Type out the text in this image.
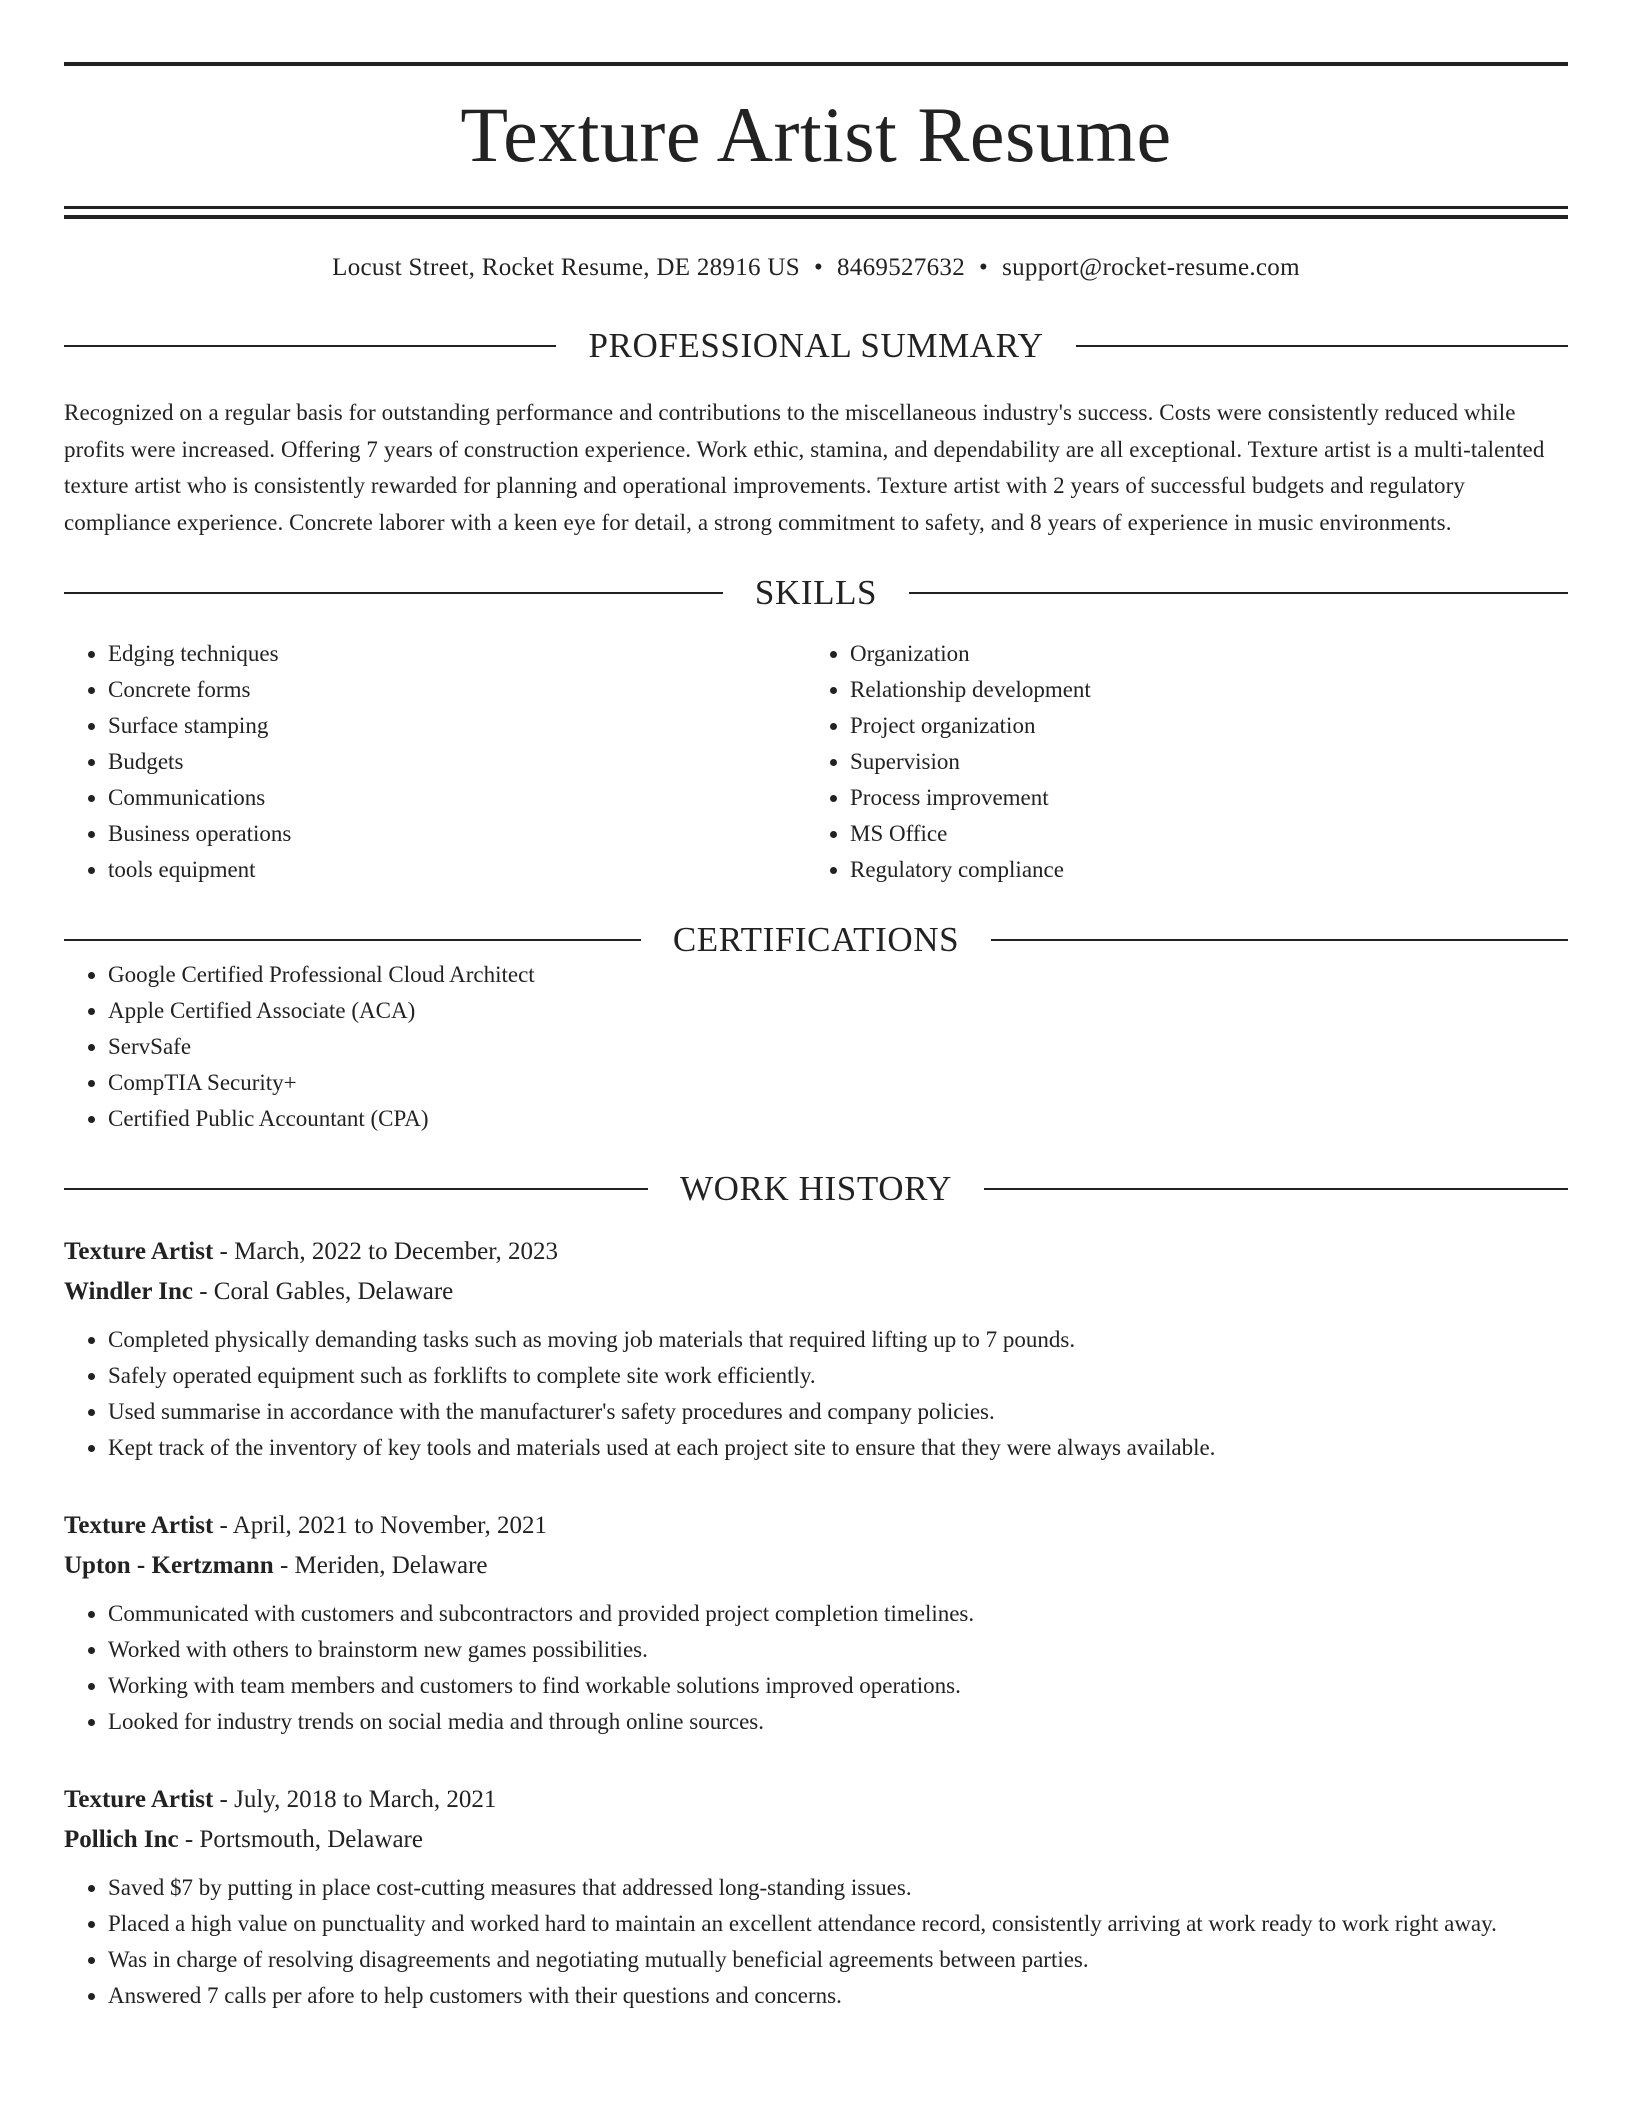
Texture Artist Resume
Locust Street, Rocket Resume, DE 28916 US • 8469527632 • support@rocket-resume.com
PROFESSIONAL SUMMARY

Recognized on a regular basis for outstanding performance and contributions to the miscellaneous industry's success. Costs were consistently reduced while profits were increased. Offering 7 years of construction experience. Work ethic, stamina, and dependability are all exceptional. Texture artist is a multi-talented texture artist who is consistently rewarded for planning and operational improvements. Texture artist with 2 years of successful budgets and regulatory compliance experience. Concrete laborer with a keen eye for detail, a strong commitment to safety, and 8 years of experience in music environments.

SKILLS
• Edging techniques
• Concrete forms
• Surface stamping
• Budgets
• Communications
• Business operations
• tools equipment
• Organization
• Relationship development
• Project organization
• Supervision
• Process improvement
• MS Office
• Regulatory compliance
CERTIFICATIONS
• Google Certified Professional Cloud Architect
• Apple Certified Associate (ACA)
• ServSafe
• CompTIA Security+
• Certified Public Accountant (CPA)
WORK HISTORY
Texture Artist - March, 2022 to December, 2023
Windler Inc - Coral Gables, Delaware
• Completed physically demanding tasks such as moving job materials that required lifting up to 7 pounds.
• Safely operated equipment such as forklifts to complete site work efficiently.
• Used summarise in accordance with the manufacturer's safety procedures and company policies.
• Kept track of the inventory of key tools and materials used at each project site to ensure that they were always available.
Texture Artist - April, 2021 to November, 2021
Upton - Kertzmann - Meriden, Delaware
• Communicated with customers and subcontractors and provided project completion timelines.
• Worked with others to brainstorm new games possibilities.
• Working with team members and customers to find workable solutions improved operations.
• Looked for industry trends on social media and through online sources.
Texture Artist - July, 2018 to March, 2021
Pollich Inc - Portsmouth, Delaware
• Saved $7 by putting in place cost-cutting measures that addressed long-standing issues.
• Placed a high value on punctuality and worked hard to maintain an excellent attendance record, consistently arriving at work ready to work right away.
• Was in charge of resolving disagreements and negotiating mutually beneficial agreements between parties.
• Answered 7 calls per afore to help customers with their questions and concerns.
